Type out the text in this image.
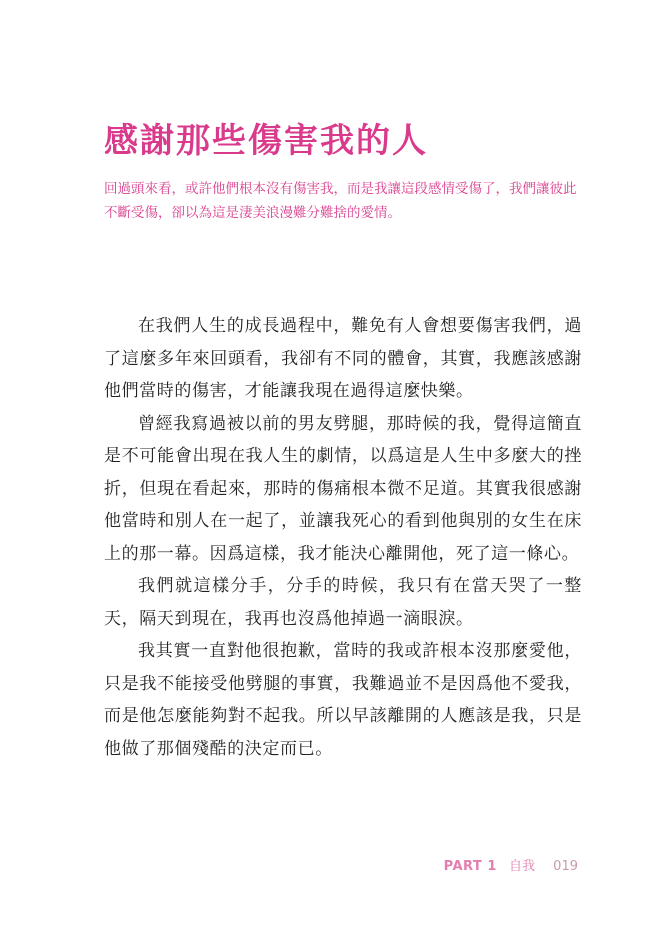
感謝那些傷害我的人

回過頭來看，或許他們根本沒有傷害我，而是我讓這段感情受傷了，我們讓彼此不斷受傷，卻以為這是淒美浪漫難分難捨的愛情。

在我們人生的成長過程中，難免有人會想要傷害我們，過了這麼多年來回頭看，我卻有不同的體會，其實，我應該感謝他們當時的傷害，才能讓我現在過得這麼快樂。

曾經我寫過被以前的男友劈腿，那時候的我，覺得這簡直是不可能會出現在我人生的劇情，以爲這是人生中多麼大的挫折，但現在看起來，那時的傷痛根本微不足道。其實我很感謝他當時和別人在一起了，並讓我死心的看到他與別的女生在床上的那一幕。因爲這樣，我才能決心離開他，死了這一條心。

我們就這樣分手，分手的時候，我只有在當天哭了一整天，隔天到現在，我再也沒爲他掉過一滴眼淚。

我其實一直對他很抱歉，當時的我或許根本沒那麼愛他，只是我不能接受他劈腿的事實，我難過並不是因爲他不愛我，而是他怎麼能夠對不起我。所以早該離開的人應該是我，只是他做了那個殘酷的決定而已。

PART 1 自我 019
